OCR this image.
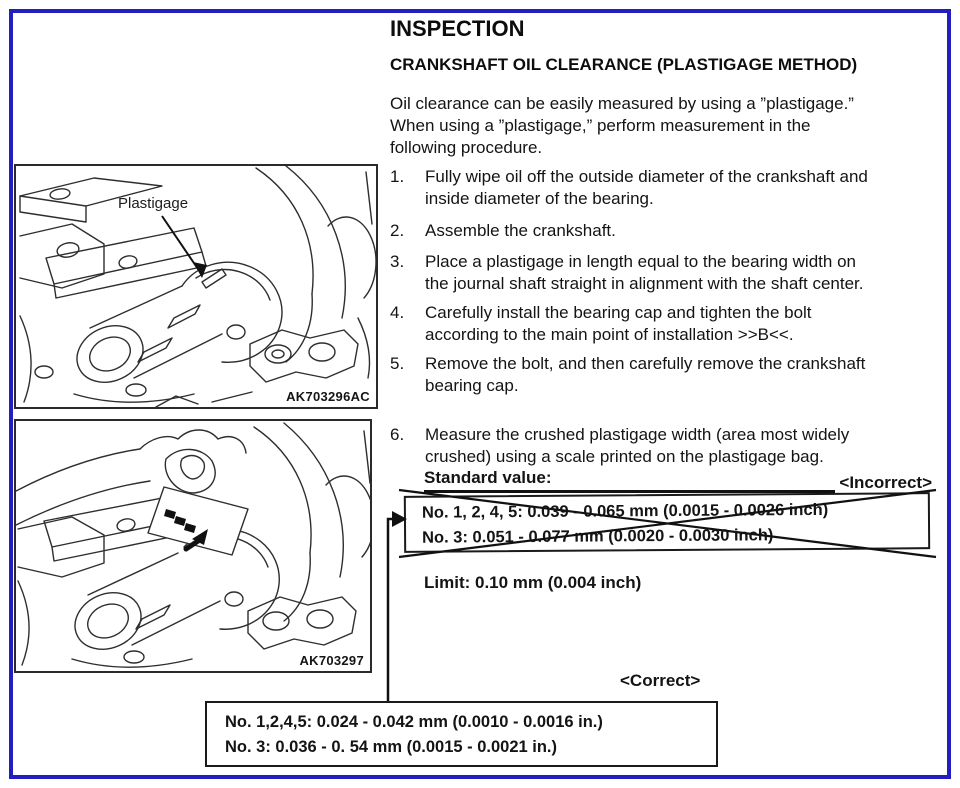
Plastigage
AK703296AC
AK703297
INSPECTION
CRANKSHAFT OIL CLEARANCE (PLASTIGAGE METHOD)
Oil clearance can be easily measured by using a ”plastigage.”
When using a ”plastigage,” perform measurement in the
following procedure.
1.	Fully wipe oil off the outside diameter of the crankshaft and
inside diameter of the bearing.
2.	Assemble the crankshaft.
3.	Place a plastigage in length equal to the bearing width on
the journal shaft straight in alignment with the shaft center.
4.	Carefully install the bearing cap and tighten the bolt
according to the main point of installation >>B<<.
5.	Remove the bolt, and then carefully remove the crankshaft
bearing cap.
6.	Measure the crushed plastigage width (area most widely
crushed) using a scale printed on the plastigage bag.
Standard value:	<Incorrect>
No. 1, 2, 4, 5: 0.039 - 0.065 mm (0.0015 - 0.0026 inch)
No. 3: 0.051 - 0.077 mm (0.0020 - 0.0030 inch)
Limit: 0.10 mm (0.004 inch)
<Correct>
No. 1,2,4,5: 0.024 - 0.042 mm (0.0010 - 0.0016 in.)
No. 3: 0.036 - 0. 54 mm (0.0015 - 0.0021 in.)
